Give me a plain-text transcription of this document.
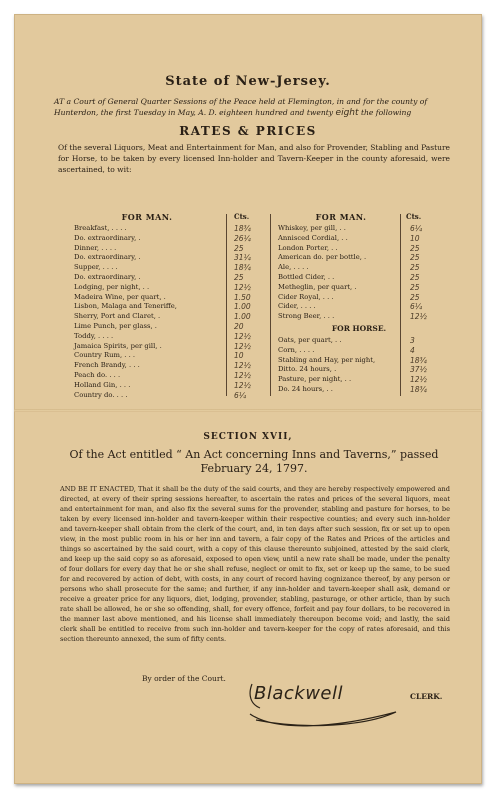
State of New-Jersey.
AT a Court of General Quarter Sessions of the Peace held at Flemington, in and for the county of Hunterdon, the first Tuesday in May, A. D. eighteen hundred and twenty eight the following
RATES & PRICES
Of the several Liquors, Meat and Entertainment for Man, and also for Provender, Stabling and Pasture for Horse, to be taken by every licensed Inn-holder and Tavern-Keeper in the county aforesaid, were ascertained, to wit:
FOR MAN.	Cts.
Breakfast, . . . .	18¾
Do. extraordinary, .	26¼
Dinner, . . . .	25
Do. extraordinary, .	31¼
Supper, . . . .	18¾
Do. extraordinary, .	25
Lodging, per night, . .	12½
Madeira Wine, per quart, .	1.50
Lisbon, Malaga and Teneriffe,	1.00
Sherry, Port and Claret, .	1.00
Lime Punch, per glass, .	20
Toddy, . . . .	12½
Jamaica Spirits, per gill, .	12½
Country Rum, . . .	10
French Brandy, . . .	12½
Peach do. . . .	12½
Holland Gin, . . .	12½
Country do. . . .	6¼
FOR MAN.	Cts.
Whiskey, per gill, . .	6¼
Annisced Cordial, . .	10
London Porter, . .	25
American do. per bottle, .	25
Ale, . . . .	25
Bottled Cider, . .	25
Metheglin, per quart, .	25
Cider Royal, . . .	25
Cider, . . . .	6¼
Strong Beer, . . .	12½
FOR HORSE.
Oats, per quart, . .	3
Corn, . . . .	4
Stabling and Hay, per night,	18¾
Ditto. 24 hours, .	37½
Pasture, per night, . .	12½
Do. 24 hours, . .	18¾
SECTION XVII,
Of the Act entitled “ An Act concerning Inns and Taverns,” passed February 24, 1797.
AND BE IT ENACTED, That it shall be the duty of the said courts, and they are hereby respectively empowered and directed, at every of their spring sessions hereafter, to ascertain the rates and prices of the several liquors, meat and entertainment for man, and also fix the several sums for the provender, stabling and pasture for horses, to be taken by every licensed inn-holder and tavern-keeper within their respective counties; and every such inn-holder and tavern-keeper shall obtain from the clerk of the court, and, in ten days after such session, fix or set up to open view, in the most public room in his or her inn and tavern, a fair copy of the Rates and Prices of the articles and things so ascertained by the said court, with a copy of this clause thereunto subjoined, attested by the said clerk, and keep up the said copy so as aforesaid, exposed to open view, until a new rate shall be made, under the penalty of four dollars for every day that he or she shall refuse, neglect or omit to fix, set or keep up the same, to be sued for and recovered by action of debt, with costs, in any court of record having cognizance thereof, by any person or persons who shall prosecute for the same; and further, if any inn-holder and tavern-keeper shall ask, demand or receive a greater price for any liquors, diet, lodging, provender, stabling, pasturage, or other article, than by such rate shall be allowed, he or she so offending, shall, for every offence, forfeit and pay four dollars, to be recovered in the manner last above mentioned, and his license shall immediately thereupon become void; and lastly, the said clerk shall be entitled to receive from such inn-holder and tavern-keeper for the copy of rates aforesaid, and this section thereunto annexed, the sum of fifty cents.
By order of the Court.
Blackwell	CLERK.
